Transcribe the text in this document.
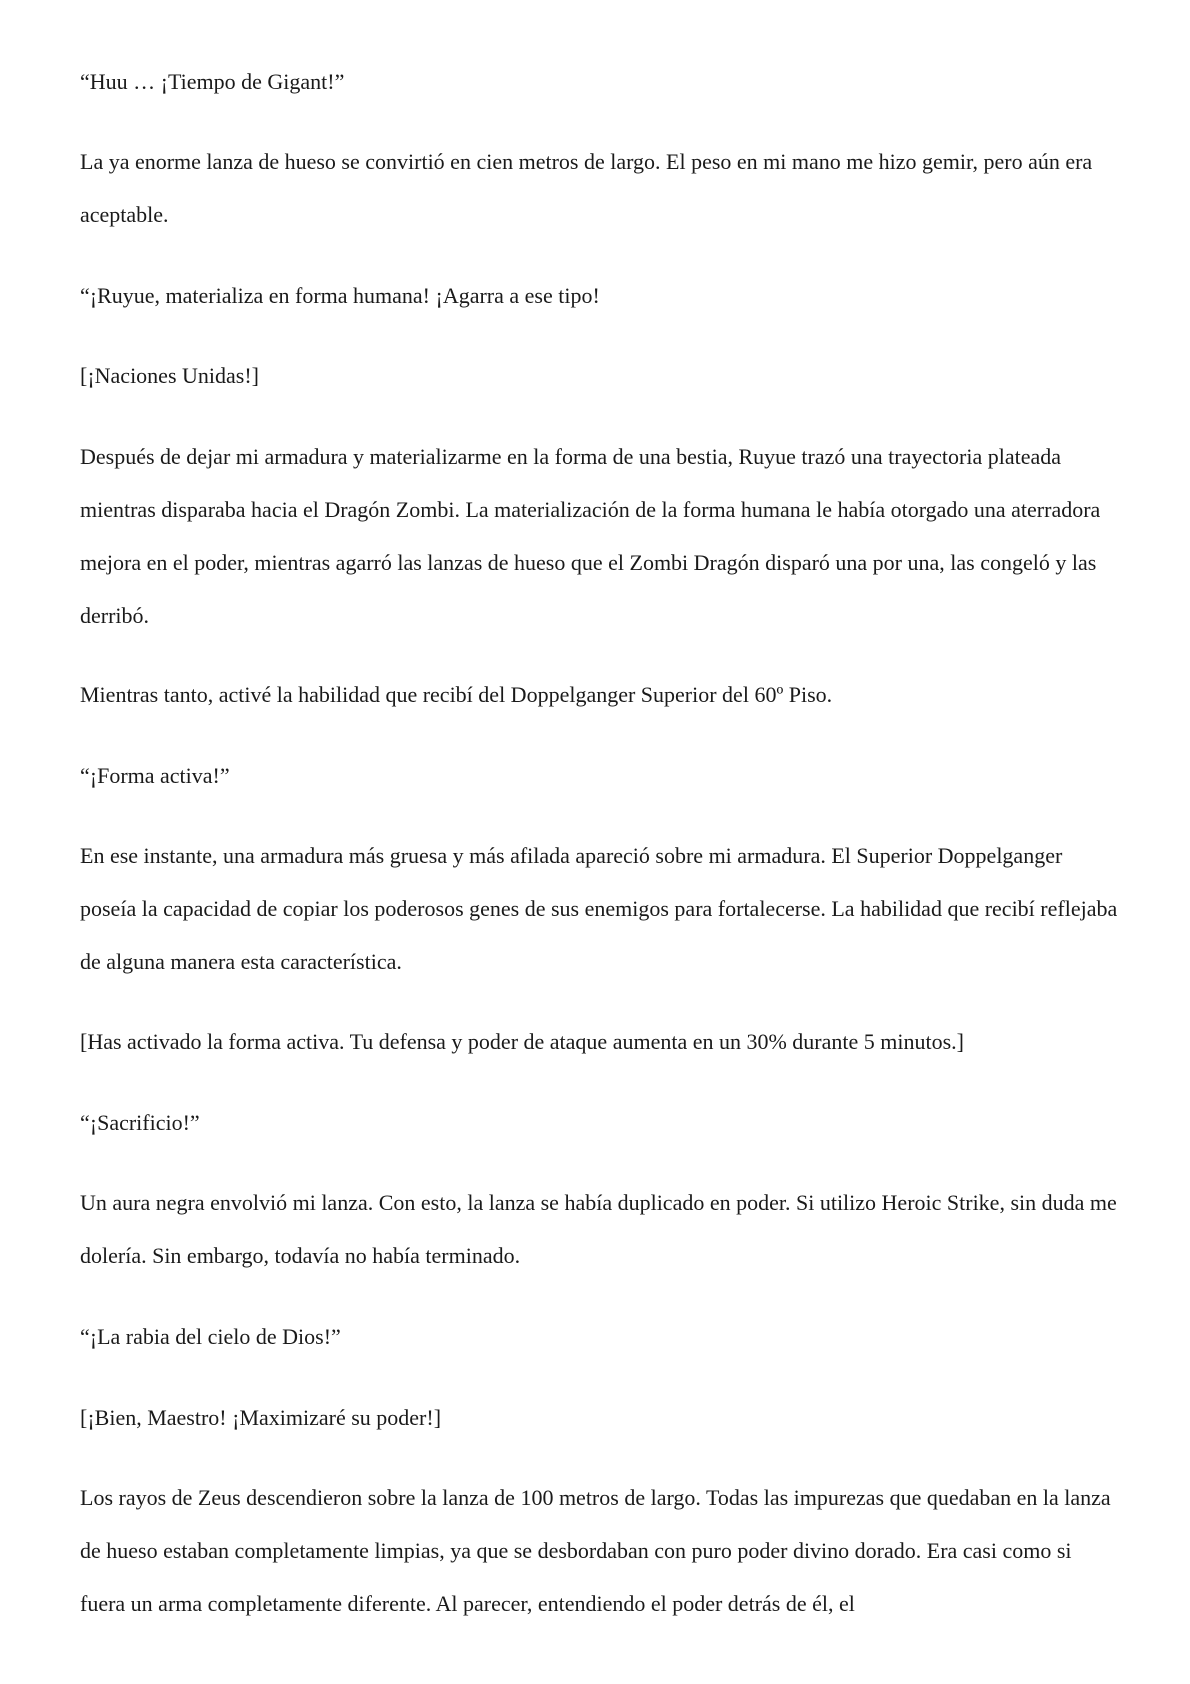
“Huu … ¡Tiempo de Gigant!”

La ya enorme lanza de hueso se convirtió en cien metros de largo. El peso en mi mano me hizo gemir, pero aún era aceptable.

“¡Ruyue, materializa en forma humana! ¡Agarra a ese tipo!

[¡Naciones Unidas!]

Después de dejar mi armadura y materializarme en la forma de una bestia, Ruyue trazó una trayectoria plateada mientras disparaba hacia el Dragón Zombi. La materialización de la forma humana le había otorgado una aterradora mejora en el poder, mientras agarró las lanzas de hueso que el Zombi Dragón disparó una por una, las congeló y las derribó.

Mientras tanto, activé la habilidad que recibí del Doppelganger Superior del 60º Piso.

“¡Forma activa!”

En ese instante, una armadura más gruesa y más afilada apareció sobre mi armadura. El Superior Doppelganger poseía la capacidad de copiar los poderosos genes de sus enemigos para fortalecerse. La habilidad que recibí reflejaba de alguna manera esta característica.

[Has activado la forma activa. Tu defensa y poder de ataque aumenta en un 30% durante 5 minutos.]

“¡Sacrificio!”

Un aura negra envolvió mi lanza. Con esto, la lanza se había duplicado en poder. Si utilizo Heroic Strike, sin duda me dolería. Sin embargo, todavía no había terminado.

“¡La rabia del cielo de Dios!”

[¡Bien, Maestro! ¡Maximizaré su poder!]

Los rayos de Zeus descendieron sobre la lanza de 100 metros de largo. Todas las impurezas que quedaban en la lanza de hueso estaban completamente limpias, ya que se desbordaban con puro poder divino dorado. Era casi como si fuera un arma completamente diferente. Al parecer, entendiendo el poder detrás de él, el
